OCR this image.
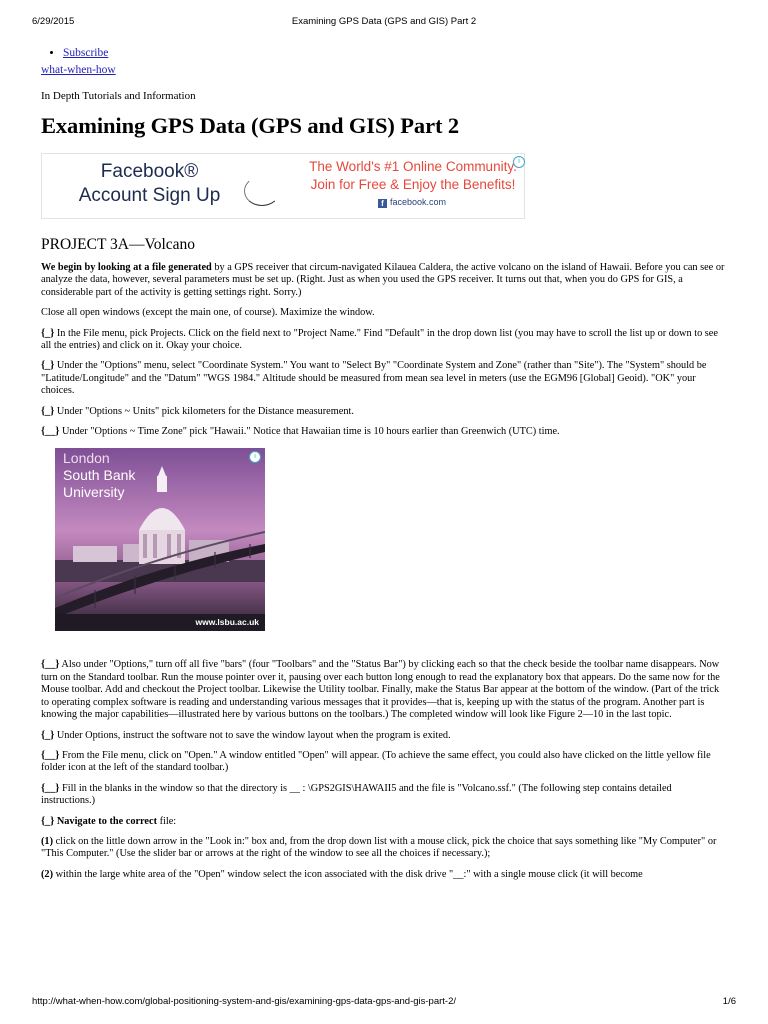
6/29/2015	Examining GPS Data (GPS and GIS) Part 2
• Subscribe
what-when-how
In Depth Tutorials and Information
Examining GPS Data (GPS and GIS) Part 2
Facebook®
Account Sign Up
The World's #1 Online Community.
Join for Free & Enjoy the Benefits!
f facebook.com
i
PROJECT 3A—Volcano

We begin by looking at a file generated by a GPS receiver that circum-navigated Kilauea Caldera, the active volcano on the island of Hawaii. Before you can see or analyze the data, however, several parameters must be set up. (Right. Just as when you used the GPS receiver. It turns out that, when you do GPS for GIS, a considerable part of the activity is getting settings right. Sorry.)

Close all open windows (except the main one, of course). Maximize the window.

{_} In the File menu, pick Projects. Click on the field next to "Project Name." Find "Default" in the drop down list (you may have to scroll the list up or down to see all the entries) and click on it. Okay your choice.

{_} Under the "Options" menu, select "Coordinate System." You want to "Select By" "Coordinate System and Zone" (rather than "Site"). The "System" should be "Latitude/Longitude" and the "Datum" "WGS 1984." Altitude should be measured from mean sea level in meters (use the EGM96 [Global] Geoid). "OK" your choices.

{_} Under "Options ~ Units" pick kilometers for the Distance measurement.

{__} Under "Options ~ Time Zone" pick "Hawaii." Notice that Hawaiian time is 10 hours earlier than Greenwich (UTC) time.

London
South Bank
University
www.lsbu.ac.uk
i

{__} Also under "Options," turn off all five "bars" (four "Toolbars" and the "Status Bar") by clicking each so that the check beside the toolbar name disappears. Now turn on the Standard toolbar. Run the mouse pointer over it, pausing over each button long enough to read the explanatory box that appears. Do the same now for the Mouse toolbar. Add and checkout the Project toolbar. Likewise the Utility toolbar. Finally, make the Status Bar appear at the bottom of the window. (Part of the trick to operating complex software is reading and understanding various messages that it provides—that is, keeping up with the status of the program. Another part is knowing the major capabilities—illustrated here by various buttons on the toolbars.) The completed window will look like Figure 2—10 in the last topic.

{_} Under Options, instruct the software not to save the window layout when the program is exited.

{__} From the File menu, click on "Open." A window entitled "Open" will appear. (To achieve the same effect, you could also have clicked on the little yellow file folder icon at the left of the standard toolbar.)

{__} Fill in the blanks in the window so that the directory is __ : \GPS2GIS\HAWAII5 and the file is "Volcano.ssf." (The following step contains detailed instructions.)

{_} Navigate to the correct file:

(1) click on the little down arrow in the "Look in:" box and, from the drop down list with a mouse click, pick the choice that says something like "My Computer" or "This Computer." (Use the slider bar or arrows at the right of the window to see all the choices if necessary.);

(2) within the large white area of the "Open" window select the icon associated with the disk drive "__:" with a single mouse click (it will become

http://what-when-how.com/global-positioning-system-and-gis/examining-gps-data-gps-and-gis-part-2/	1/6
